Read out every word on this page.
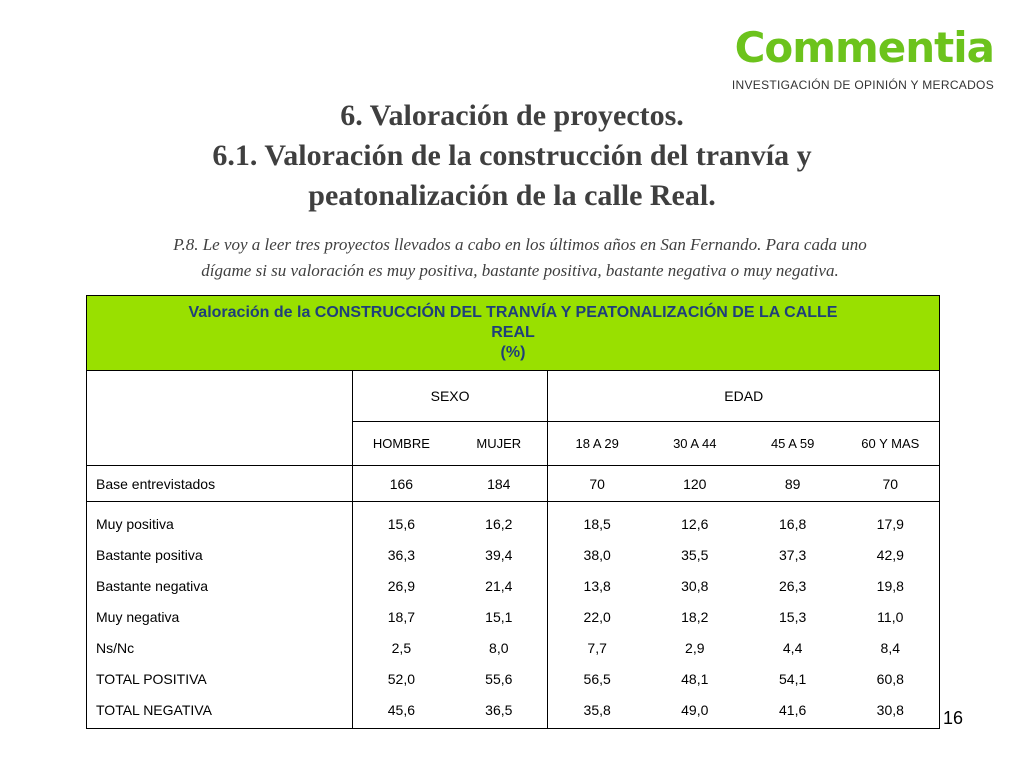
Commentia
INVESTIGACIÓN DE OPINIÓN Y MERCADOS
6. Valoración de proyectos.
6.1. Valoración de la construcción del tranvía y
peatonalización de la calle Real.
P.8. Le voy a leer tres proyectos llevados a cabo en los últimos años en San Fernando. Para cada uno
dígame si su valoración es muy positiva, bastante positiva, bastante negativa o muy negativa.
Valoración de la CONSTRUCCIÓN DEL TRANVÍA Y PEATONALIZACIÓN DE LA CALLE
REAL
(%)						

	SEXO		EDAD			
	HOMBRE	MUJER	18 A 29	30 A 44	45 A 59	60 Y MAS
Base entrevistados	166	184	70	120	89	70
Muy positiva	15,6	16,2	18,5	12,6	16,8	17,9
Bastante positiva	36,3	39,4	38,0	35,5	37,3	42,9
Bastante negativa	26,9	21,4	13,8	30,8	26,3	19,8
Muy negativa	18,7	15,1	22,0	18,2	15,3	11,0
Ns/Nc	2,5	8,0	7,7	2,9	4,4	8,4
TOTAL POSITIVA	52,0	55,6	56,5	48,1	54,1	60,8
TOTAL NEGATIVA	45,6	36,5	35,8	49,0	41,6	30,8 16
